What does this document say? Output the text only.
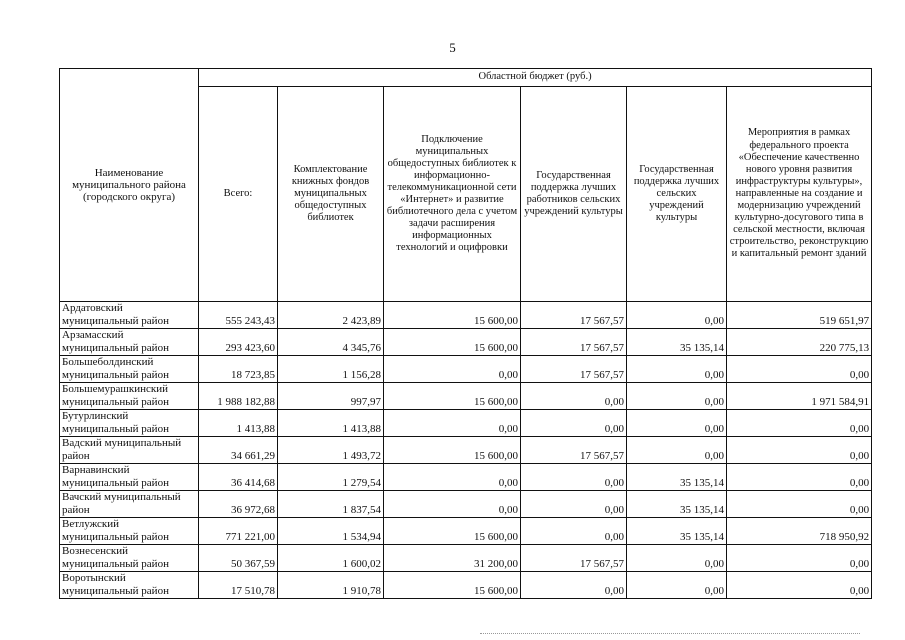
5
Наименование муниципального района (городского округа)	Областной бюджет (руб.)					
	Всего:	Комплектование книжных фондов муниципальных общедоступных библиотек	Подключение муниципальных общедоступных библиотек к информационно-телекоммуникационной сети «Интернет» и развитие библиотечного дела с учетом задачи расширения информационных технологий и оцифровки	Государственная поддержка лучших работников сельских учреждений культуры	Государственная поддержка лучших сельских учреждений культуры	Мероприятия в рамках федерального проекта «Обеспечение качественно нового уровня развития инфраструктуры культуры», направленные на создание и модернизацию учреждений культурно-досугового типа в сельской местности, включая строительство, реконструкцию и капитальный ремонт зданий
Ардатовский муниципальный район	555 243,43	2 423,89	15 600,00	17 567,57	0,00	519 651,97
Арзамасский муниципальный район	293 423,60	4 345,76	15 600,00	17 567,57	35 135,14	220 775,13
Большеболдинский муниципальный район	18 723,85	1 156,28	0,00	17 567,57	0,00	0,00
Большемурашкинский муниципальный район	1 988 182,88	997,97	15 600,00	0,00	0,00	1 971 584,91
Бутурлинский муниципальный район	1 413,88	1 413,88	0,00	0,00	0,00	0,00
Вадский муниципальный район	34 661,29	1 493,72	15 600,00	17 567,57	0,00	0,00
Варнавинский муниципальный район	36 414,68	1 279,54	0,00	0,00	35 135,14	0,00
Вачский муниципальный район	36 972,68	1 837,54	0,00	0,00	35 135,14	0,00
Ветлужский муниципальный район	771 221,00	1 534,94	15 600,00	0,00	35 135,14	718 950,92
Вознесенский муниципальный район	50 367,59	1 600,02	31 200,00	17 567,57	0,00	0,00
Воротынский муниципальный район	17 510,78	1 910,78	15 600,00	0,00	0,00	0,00
